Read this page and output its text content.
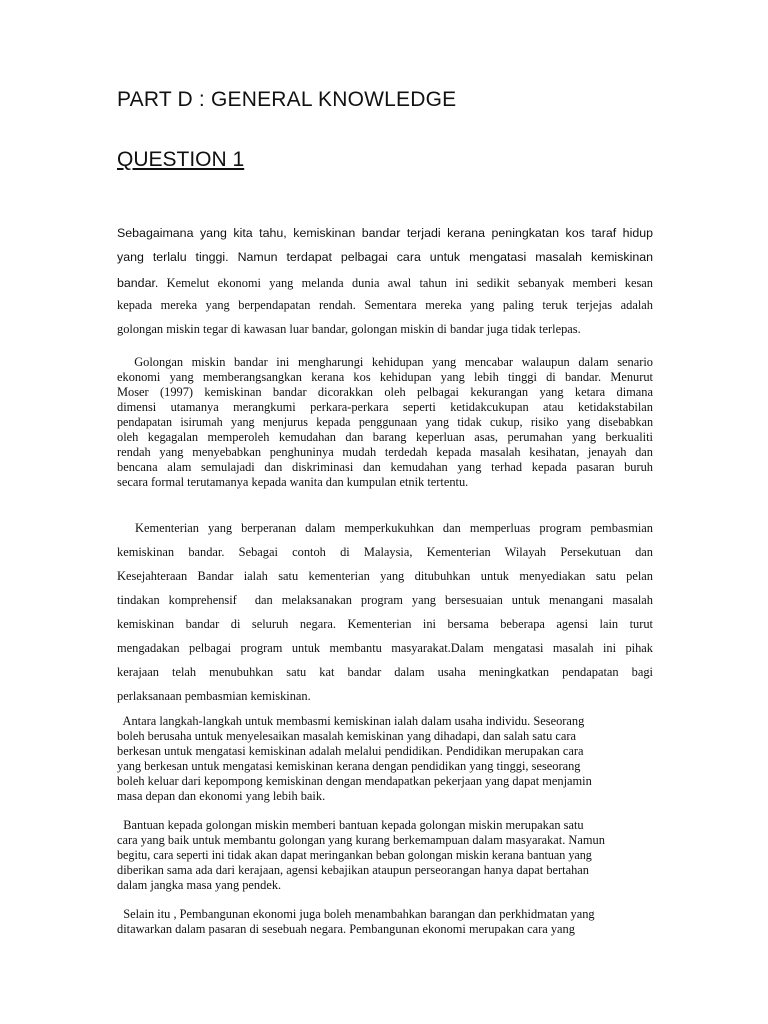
PART D : GENERAL KNOWLEDGE
QUESTION 1
Sebagaimana yang kita tahu, kemiskinan bandar terjadi kerana peningkatan kos taraf hidup
yang terlalu tinggi. Namun terdapat pelbagai cara untuk mengatasi masalah kemiskinan
bandar. Kemelut ekonomi yang melanda dunia awal tahun ini sedikit sebanyak memberi kesan
kepada mereka yang berpendapatan rendah. Sementara mereka yang paling teruk terjejas adalah
golongan miskin tegar di kawasan luar bandar, golongan miskin di bandar juga tidak terlepas.
Golongan miskin bandar ini mengharungi kehidupan yang mencabar walaupun dalam senario
ekonomi yang memberangsangkan kerana kos kehidupan yang lebih tinggi di bandar. Menurut
Moser (1997) kemiskinan bandar dicorakkan oleh pelbagai kekurangan yang ketara dimana
dimensi utamanya merangkumi perkara-perkara seperti ketidakcukupan atau ketidakstabilan
pendapatan isirumah yang menjurus kepada penggunaan yang tidak cukup, risiko yang disebabkan
oleh kegagalan memperoleh kemudahan dan barang keperluan asas, perumahan yang berkualiti
rendah yang menyebabkan penghuninya mudah terdedah kepada masalah kesihatan, jenayah dan
bencana alam semulajadi dan diskriminasi dan kemudahan yang terhad kepada pasaran buruh
secara formal terutamanya kepada wanita dan kumpulan etnik tertentu.
Kementerian yang berperanan dalam memperkukuhkan dan memperluas program pembasmian
kemiskinan bandar. Sebagai contoh di Malaysia, Kementerian Wilayah Persekutuan dan
Kesejahteraan Bandar ialah satu kementerian yang ditubuhkan untuk menyediakan satu pelan
tindakan komprehensif  dan melaksanakan program yang bersesuaian untuk menangani masalah
kemiskinan bandar di seluruh negara. Kementerian ini bersama beberapa agensi lain turut
mengadakan pelbagai program untuk membantu masyarakat.Dalam mengatasi masalah ini pihak
kerajaan telah menubuhkan satu kat bandar dalam usaha meningkatkan pendapatan bagi
perlaksanaan pembasmian kemiskinan.
Antara langkah-langkah untuk membasmi kemiskinan ialah dalam usaha individu. Seseorang
boleh berusaha untuk menyelesaikan masalah kemiskinan yang dihadapi, dan salah satu cara
berkesan untuk mengatasi kemiskinan adalah melalui pendidikan. Pendidikan merupakan cara
yang berkesan untuk mengatasi kemiskinan kerana dengan pendidikan yang tinggi, seseorang
boleh keluar dari kepompong kemiskinan dengan mendapatkan pekerjaan yang dapat menjamin
masa depan dan ekonomi yang lebih baik.
Bantuan kepada golongan miskin memberi bantuan kepada golongan miskin merupakan satu
cara yang baik untuk membantu golongan yang kurang berkemampuan dalam masyarakat. Namun
begitu, cara seperti ini tidak akan dapat meringankan beban golongan miskin kerana bantuan yang
diberikan sama ada dari kerajaan, agensi kebajikan ataupun perseorangan hanya dapat bertahan
dalam jangka masa yang pendek.
Selain itu , Pembangunan ekonomi juga boleh menambahkan barangan dan perkhidmatan yang
ditawarkan dalam pasaran di sesebuah negara. Pembangunan ekonomi merupakan cara yang
